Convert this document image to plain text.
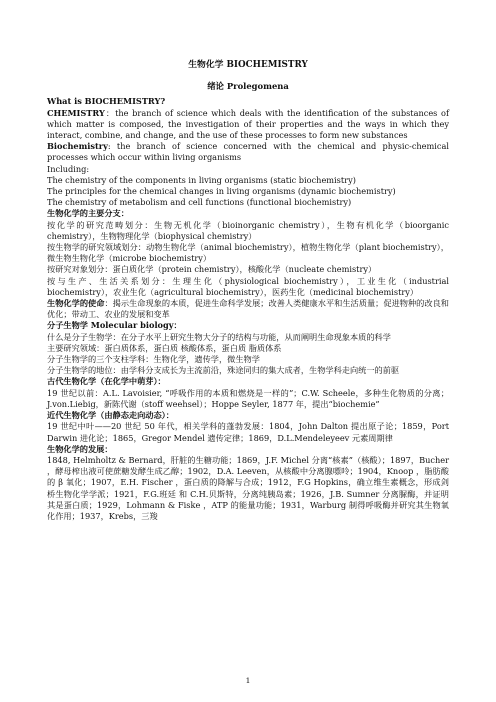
生物化学 BIOCHEMISTRY
绪论 Prolegomena

What is BIOCHEMISTRY?

CHEMISTRY：the branch of science which deals with the identification of the substances of which matter is composed, the investigation of their properties and the ways in which they interact, combine, and change, and the use of these processes to form new substances

Biochemistry: the branch of science concerned with the chemical and physic-chemical processes which occur within living organisms

Including:

The chemistry of the components in living organisms (static biochemistry)

The principles for the chemical changes in living organisms (dynamic biochemistry)

The chemistry of metabolism and cell functions (functional biochemistry)

生物化学的主要分支：

按化学的研究范畴划分：生物无机化学（bioinorganic chemistry），生物有机化学（bioorganic chemistry），生物物理化学（biophysical chemistry）

按生物学的研究领域划分：动物生物化学（animal biochemistry），植物生物化学（plant biochemistry），微生物生物化学（microbe biochemistry）

按研究对象划分：蛋白质化学（protein chemistry），核酸化学（nucleate chemistry）

按与生产、生活关系划分：生理生化（physiological biochemistry），工业生化（industrial biochemistry），农业生化（agricultural biochemistry），医药生化（medicinal biochemistry）

生物化学的使命：揭示生命现象的本质，促进生命科学发展；改善人类健康水平和生活质量；促进物种的改良和优化；带动工、农业的发展和变革

分子生物学 Molecular biology：

什么是分子生物学：在分子水平上研究生物大分子的结构与功能，从而阐明生命现象本质的科学

主要研究领域：蛋白质体系，蛋白质 核酸体系，蛋白质 脂质体系

分子生物学的三个支柱学科：生物化学，遗传学，微生物学

分子生物学的地位：由学科分支成长为主流前沿，殊途同归的集大成者，生物学科走向统一的前驱

古代生物化学（在化学中萌芽）：

19 世纪以前：A.L. Lavoisier, “呼吸作用的本质和燃烧是一样的”；C.W. Scheele，多种生化物质的分离；J.von.Liebig，新陈代谢（stoff weehsel）；Hoppe Seyler, 1877 年，提出“biochemie”

近代生物化学（由静态走向动态）：

19 世纪中叶——20 世纪 50 年代，相关学科的蓬勃发展：1804，John Dalton 提出原子论；1859，Port Darwin 进化论；1865，Gregor Mendel 遗传定律；1869，D.L.Mendeleyeev 元素周期律

生物化学的发展：

1848, Helmholtz & Bernard，肝脏的生糖功能；1869，J.F. Michel 分离“核素”（核酸）；1897，Bucher ，酵母榨出液可使蔗糖发酵生成乙醇；1902，D.A. Leeven，从核酸中分离腺嘌呤；1904，Knoop ，脂肪酸的 β 氧化；1907，E.H. Fischer ，蛋白质的降解与合成；1912，F.G Hopkins，确立维生素概念，形成剑桥生物化学学派；1921，F.G.班廷 和 C.H.贝斯特，分离纯胰岛素；1926，J.B. Sumner 分离脲酶，并证明其是蛋白质；1929，Lohmann & Fiske ，ATP 的能量功能；1931，Warburg 制得呼吸酶并研究其生物氧化作用；1937，Krebs，三羧

1
